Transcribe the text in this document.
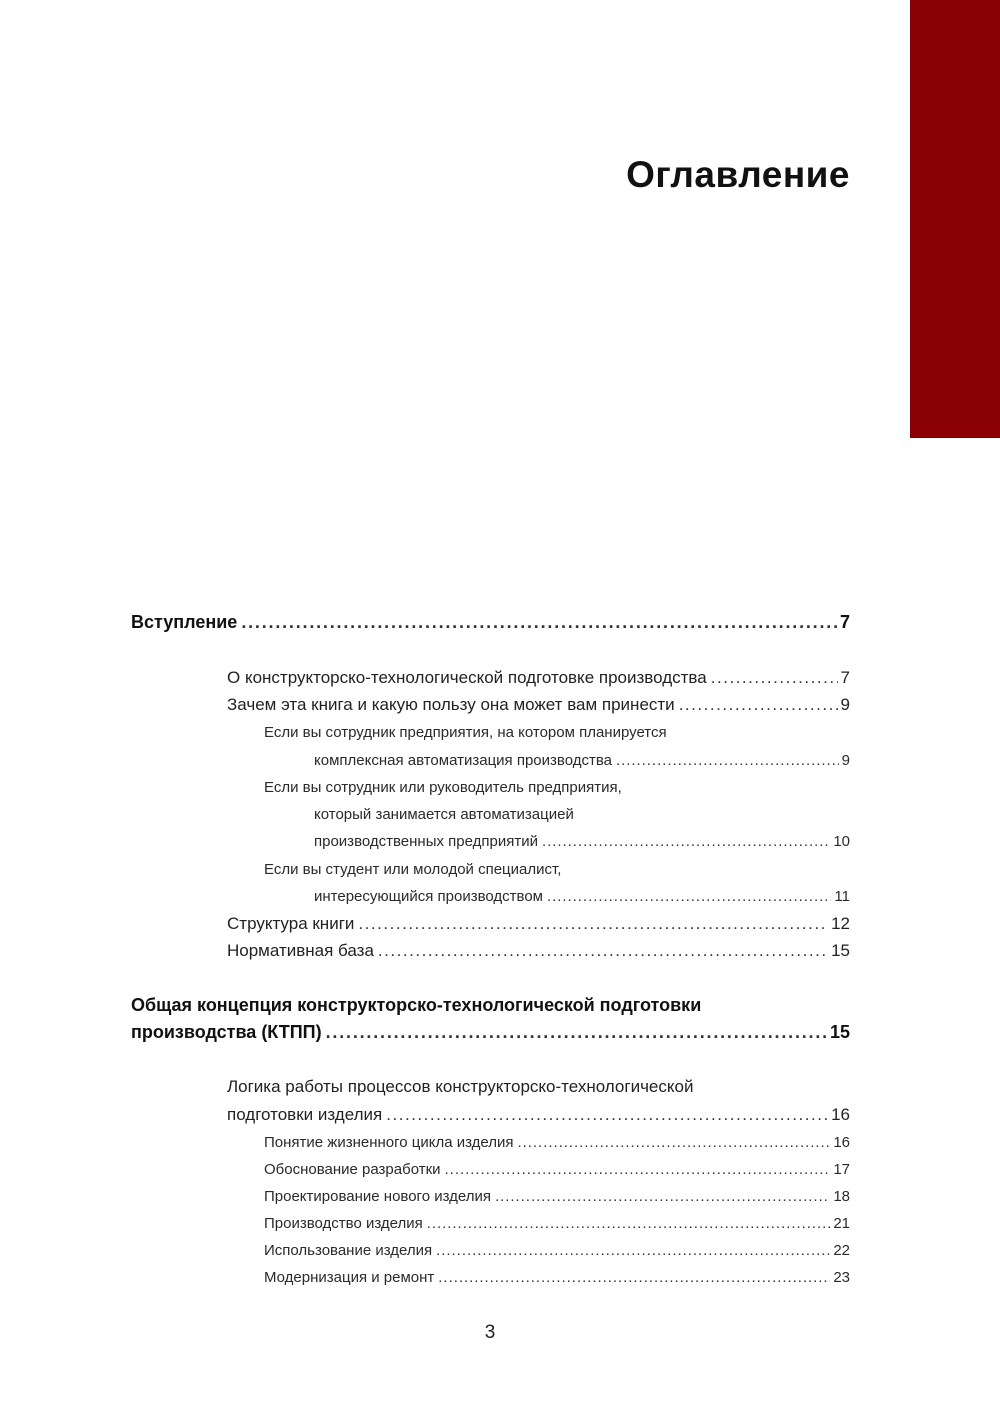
Оглавление
Вступление . . .	7
О конструкторско-технологической подготовке производства . . .	7
Зачем эта книга и какую пользу она может вам принести . . .	9
Если вы сотрудник предприятия, на котором планируется
комплексная автоматизация производства . . .	9
Если вы сотрудник или руководитель предприятия,
который занимается автоматизацией
производственных предприятий . . .	10
Если вы студент или молодой специалист,
интересующийся производством . . .	11
Структура книги . . .	12
Нормативная база . . .	15
Общая концепция конструкторско-технологической подготовки
производства (КТПП) . . .	15
Логика работы процессов конструкторско-технологической
подготовки изделия . . .	16
Понятие жизненного цикла изделия . . .	16
Обоснование разработки . . .	17
Проектирование нового изделия . . .	18
Производство изделия . . .	21
Использование изделия . . .	22
Модернизация и ремонт . . .	23
3
